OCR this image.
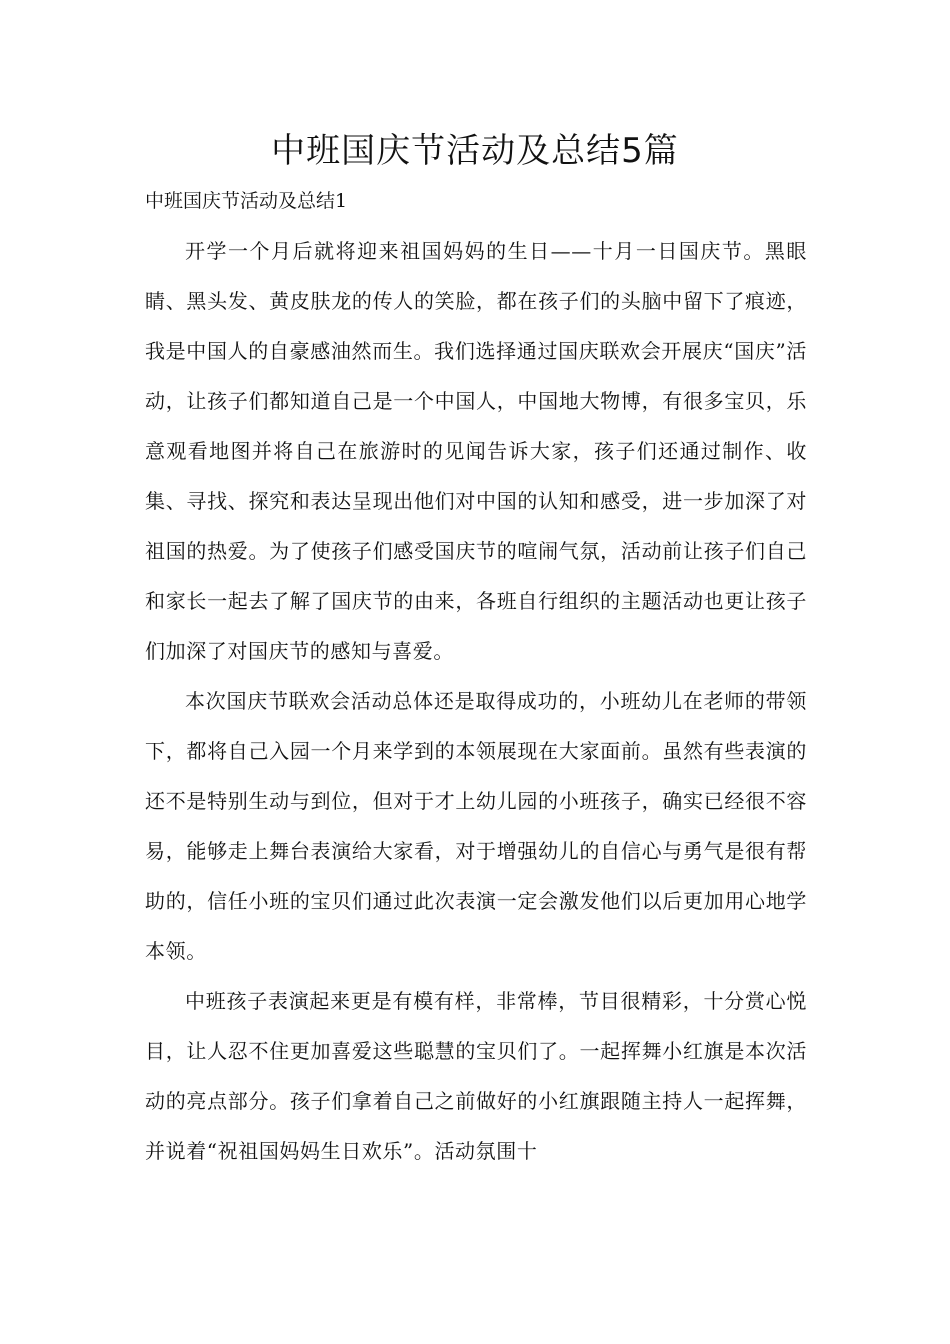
中班国庆节活动及总结5篇
中班国庆节活动及总结1

开学一个月后就将迎来祖国妈妈的生日——十月一日国庆节。黑眼睛、黑头发、黄皮肤龙的传人的笑脸，都在孩子们的头脑中留下了痕迹，我是中国人的自豪感油然而生。我们选择通过国庆联欢会开展庆“国庆”活动，让孩子们都知道自己是一个中国人，中国地大物博，有很多宝贝，乐意观看地图并将自己在旅游时的见闻告诉大家，孩子们还通过制作、收集、寻找、探究和表达呈现出他们对中国的认知和感受，进一步加深了对祖国的热爱。为了使孩子们感受国庆节的喧闹气氛，活动前让孩子们自己和家长一起去了解了国庆节的由来，各班自行组织的主题活动也更让孩子们加深了对国庆节的感知与喜爱。

本次国庆节联欢会活动总体还是取得成功的，小班幼儿在老师的带领下，都将自己入园一个月来学到的本领展现在大家面前。虽然有些表演的还不是特别生动与到位，但对于才上幼儿园的小班孩子，确实已经很不容易，能够走上舞台表演给大家看，对于增强幼儿的自信心与勇气是很有帮助的，信任小班的宝贝们通过此次表演一定会激发他们以后更加用心地学本领。

中班孩子表演起来更是有模有样，非常棒，节目很精彩，十分赏心悦目，让人忍不住更加喜爱这些聪慧的宝贝们了。一起挥舞小红旗是本次活动的亮点部分。孩子们拿着自己之前做好的小红旗跟随主持人一起挥舞，并说着“祝祖国妈妈生日欢乐”。活动氛围十
